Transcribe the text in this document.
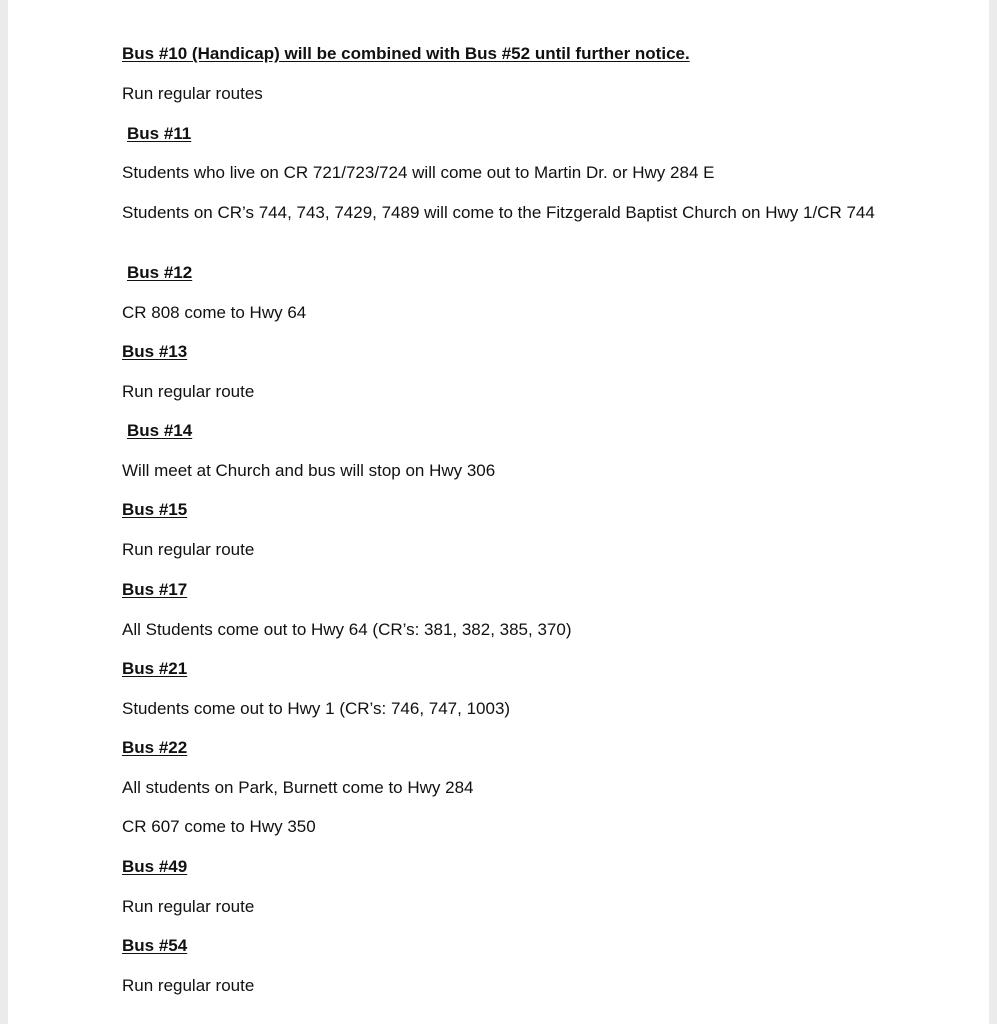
Bus #10 (Handicap) will be combined with Bus #52 until further notice.
Run regular routes
Bus #11
Students who live on CR 721/723/724 will come out to Martin Dr. or Hwy 284 E
Students on CR’s 744, 743, 7429, 7489 will come to the Fitzgerald Baptist Church on Hwy 1/CR 744
Bus #12
CR 808 come to Hwy 64
Bus #13
Run regular route
Bus #14
Will meet at Church and bus will stop on Hwy 306
Bus #15
Run regular route
Bus #17
All Students come out to Hwy 64 (CR’s: 381, 382, 385, 370)
Bus #21
Students come out to Hwy 1 (CR’s: 746, 747, 1003)
Bus #22
All students on Park, Burnett come to Hwy 284
CR 607 come to Hwy 350
Bus #49
Run regular route
Bus #54
Run regular route
